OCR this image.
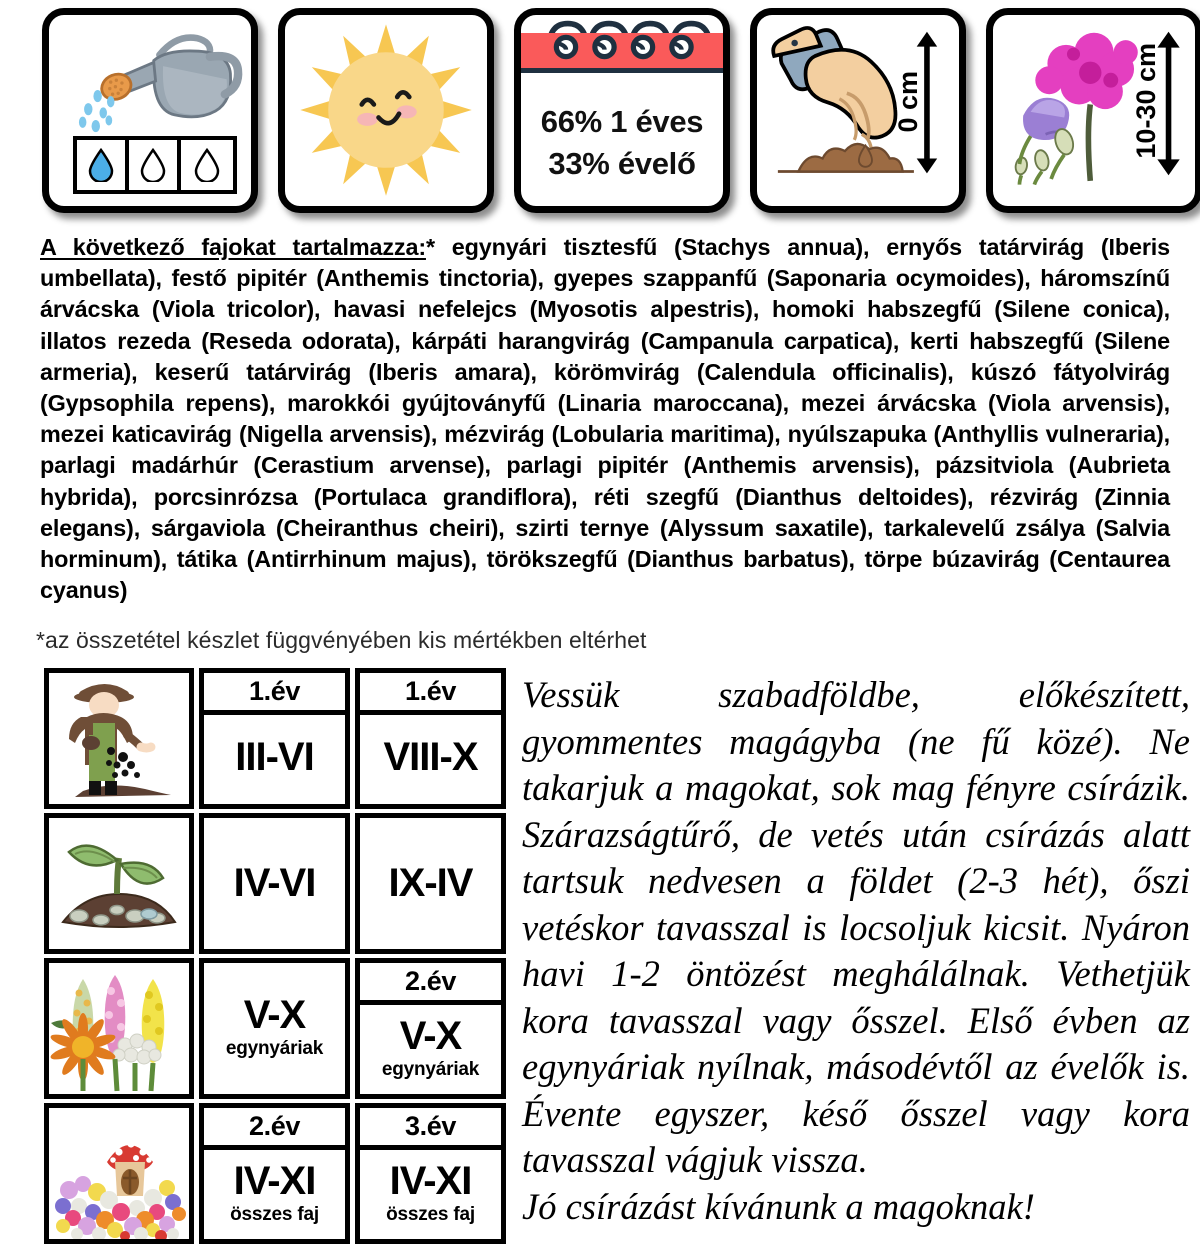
66% 1 éves
33% évelő
0 cm	10-30 cm
A következő fajokat tartalmazza:* egynyári tisztesfű (Stachys annua), ernyős tatárvirág (Iberis umbellata), festő pipitér (Anthemis tinctoria), gyepes szappanfű (Saponaria ocymoides), háromszínű árvácska (Viola tricolor), havasi nefelejcs (Myosotis alpestris), homoki habszegfű (Silene conica), illatos rezeda (Reseda odorata), kárpáti harangvirág (Campanula carpatica), kerti habszegfű (Silene armeria), keserű tatárvirág (Iberis amara), körömvirág (Calendula officinalis), kúszó fátyolvirág (Gypsophila repens), marokkói gyújtoványfű (Linaria maroccana), mezei árvácska (Viola arvensis), mezei katicavirág (Nigella arvensis), mézvirág (Lobularia maritima), nyúlszapuka (Anthyllis vulneraria), parlagi madárhúr (Cerastium arvense), parlagi pipitér (Anthemis arvensis), pázsitviola (Aubrieta hybrida), porcsinrózsa (Portulaca grandiflora), réti szegfű (Dianthus deltoides), rézvirág (Zinnia elegans), sárgaviola (Cheiranthus cheiri), szirti ternye (Alyssum saxatile), tarkalevelű zsálya (Salvia horminum), tátika (Antirrhinum majus), törökszegfű (Dianthus barbatus), törpe búzavirág (Centaurea cyanus)
*az összetétel készlet függvényében kis mértékben eltérhet
1.év
III-VI
1.év
VIII-X
IV-VI IX-IV
V-X
egynyáriak
2.év
V-X
egynyáriak
2.év
IV-XI
összes faj
3.év
IV-XI
összes faj

Vessük szabadföldbe, előkészített, gyommentes magágyba (ne fű közé). Ne takarjuk a magokat, sok mag fényre csírázik. Szárazságtűrő, de vetés után csírázás alatt tartsuk nedvesen a földet (2-3 hét), őszi vetéskor tavasszal is locsoljuk kicsit. Nyáron havi 1-2 öntözést meghálálnak. Vethetjük kora tavasszal vagy ősszel. Első évben az egynyáriak nyílnak, másodévtől az évelők is. Évente egyszer, késő ősszel vagy kora tavasszal vágjuk vissza.

Jó csírázást kívánunk a magoknak!
